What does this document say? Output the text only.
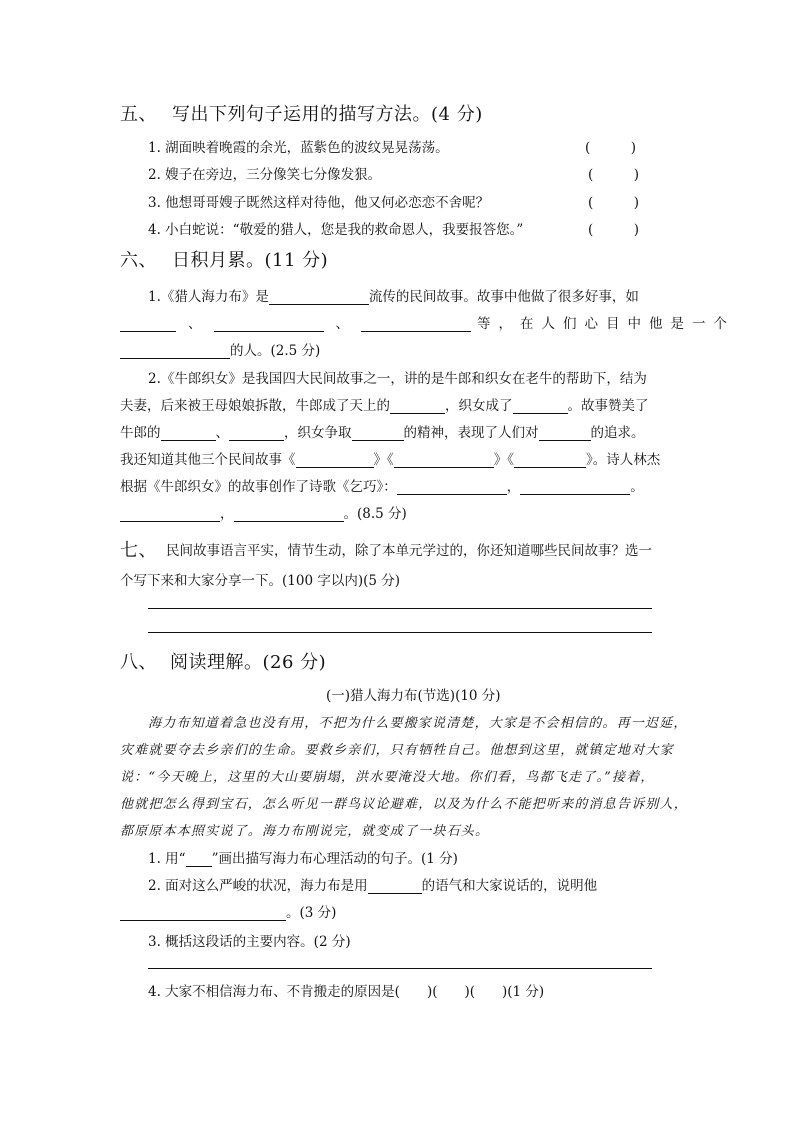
五、 写出下列句子运用的描写方法。(4 分)
1. 湖面映着晚霞的余光，蓝紫色的波纹晃晃荡荡。	(　　　)
2. 嫂子在旁边，三分像笑七分像发狠。	(　　　)
3. 他想哥哥嫂子既然这样对待他，他又何必恋恋不舍呢？	(　　　)
4. 小白蛇说：“敬爱的猎人，您是我的救命恩人，我要报答您。”	(　　　)
六、 日积月累。(11 分)
1.《猎人海力布》是	流传的民间故事。故事中他做了很多好事，如
、	、	等，在人们心目中他是一个
的人。(2.5 分)
2.《牛郎织女》是我国四大民间故事之一，讲的是牛郎和织女在老牛的帮助下，结为
夫妻，后来被王母娘娘拆散，牛郎成了天上的	，织女成了	。故事赞美了
牛郎的	、	，织女争取	的精神，表现了人们对	的追求。
我还知道其他三个民间故事《	》《	》《	》。诗人林杰
根据《牛郎织女》的故事创作了诗歌《乞巧》：	，	。
，	。(8.5 分)
七、 民间故事语言平实，情节生动，除了本单元学过的，你还知道哪些民间故事？选一
个写下来和大家分享一下。(100 字以内)(5 分)
八、 阅读理解。(26 分)
(一)猎人海力布(节选)(10 分)
海力布知道着急也没有用，不把为什么要搬家说清楚，大家是不会相信的。再一迟延，
灾难就要夺去乡亲们的生命。要救乡亲们，只有牺牲自己。他想到这里，就镇定地对大家
说：“今天晚上，这里的大山要崩塌，洪水要淹没大地。你们看，鸟都飞走了。”接着，
他就把怎么得到宝石，怎么听见一群鸟议论避难，以及为什么不能把听来的消息告诉别人，
都原原本本照实说了。海力布刚说完，就变成了一块石头。
1. 用“ ”画出描写海力布心理活动的句子。(1 分)
2. 面对这么严峻的状况，海力布是用	的语气和大家说话的，说明他
。(3 分)
3. 概括这段话的主要内容。(2 分)
4. 大家不相信海力布、不肯搬走的原因是(　　)(　　)(　　)(1 分)
